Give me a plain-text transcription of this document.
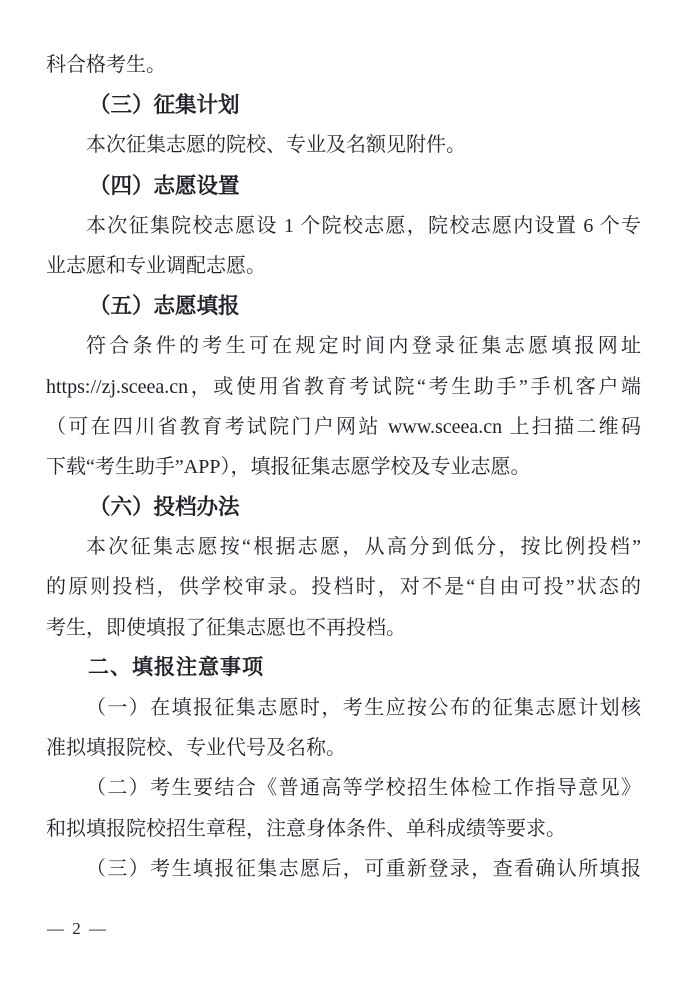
科合格考生。
（三）征集计划
本次征集志愿的院校、专业及名额见附件。
（四）志愿设置
本次征集院校志愿设 1 个院校志愿，院校志愿内设置 6 个专
业志愿和专业调配志愿。
（五）志愿填报
符合条件的考生可在规定时间内登录征集志愿填报网址
https://zj.sceea.cn，或使用省教育考试院“考生助手”手机客户端
（可在四川省教育考试院门户网站 www.sceea.cn 上扫描二维码
下载“考生助手”APP），填报征集志愿学校及专业志愿。
（六）投档办法
本次征集志愿按“根据志愿，从高分到低分，按比例投档”
的原则投档，供学校审录。投档时，对不是“自由可投”状态的
考生，即使填报了征集志愿也不再投档。
二、填报注意事项
（一）在填报征集志愿时，考生应按公布的征集志愿计划核
准拟填报院校、专业代号及名称。
（二）考生要结合《普通高等学校招生体检工作指导意见》
和拟填报院校招生章程，注意身体条件、单科成绩等要求。
（三）考生填报征集志愿后，可重新登录，查看确认所填报
— 2 —
